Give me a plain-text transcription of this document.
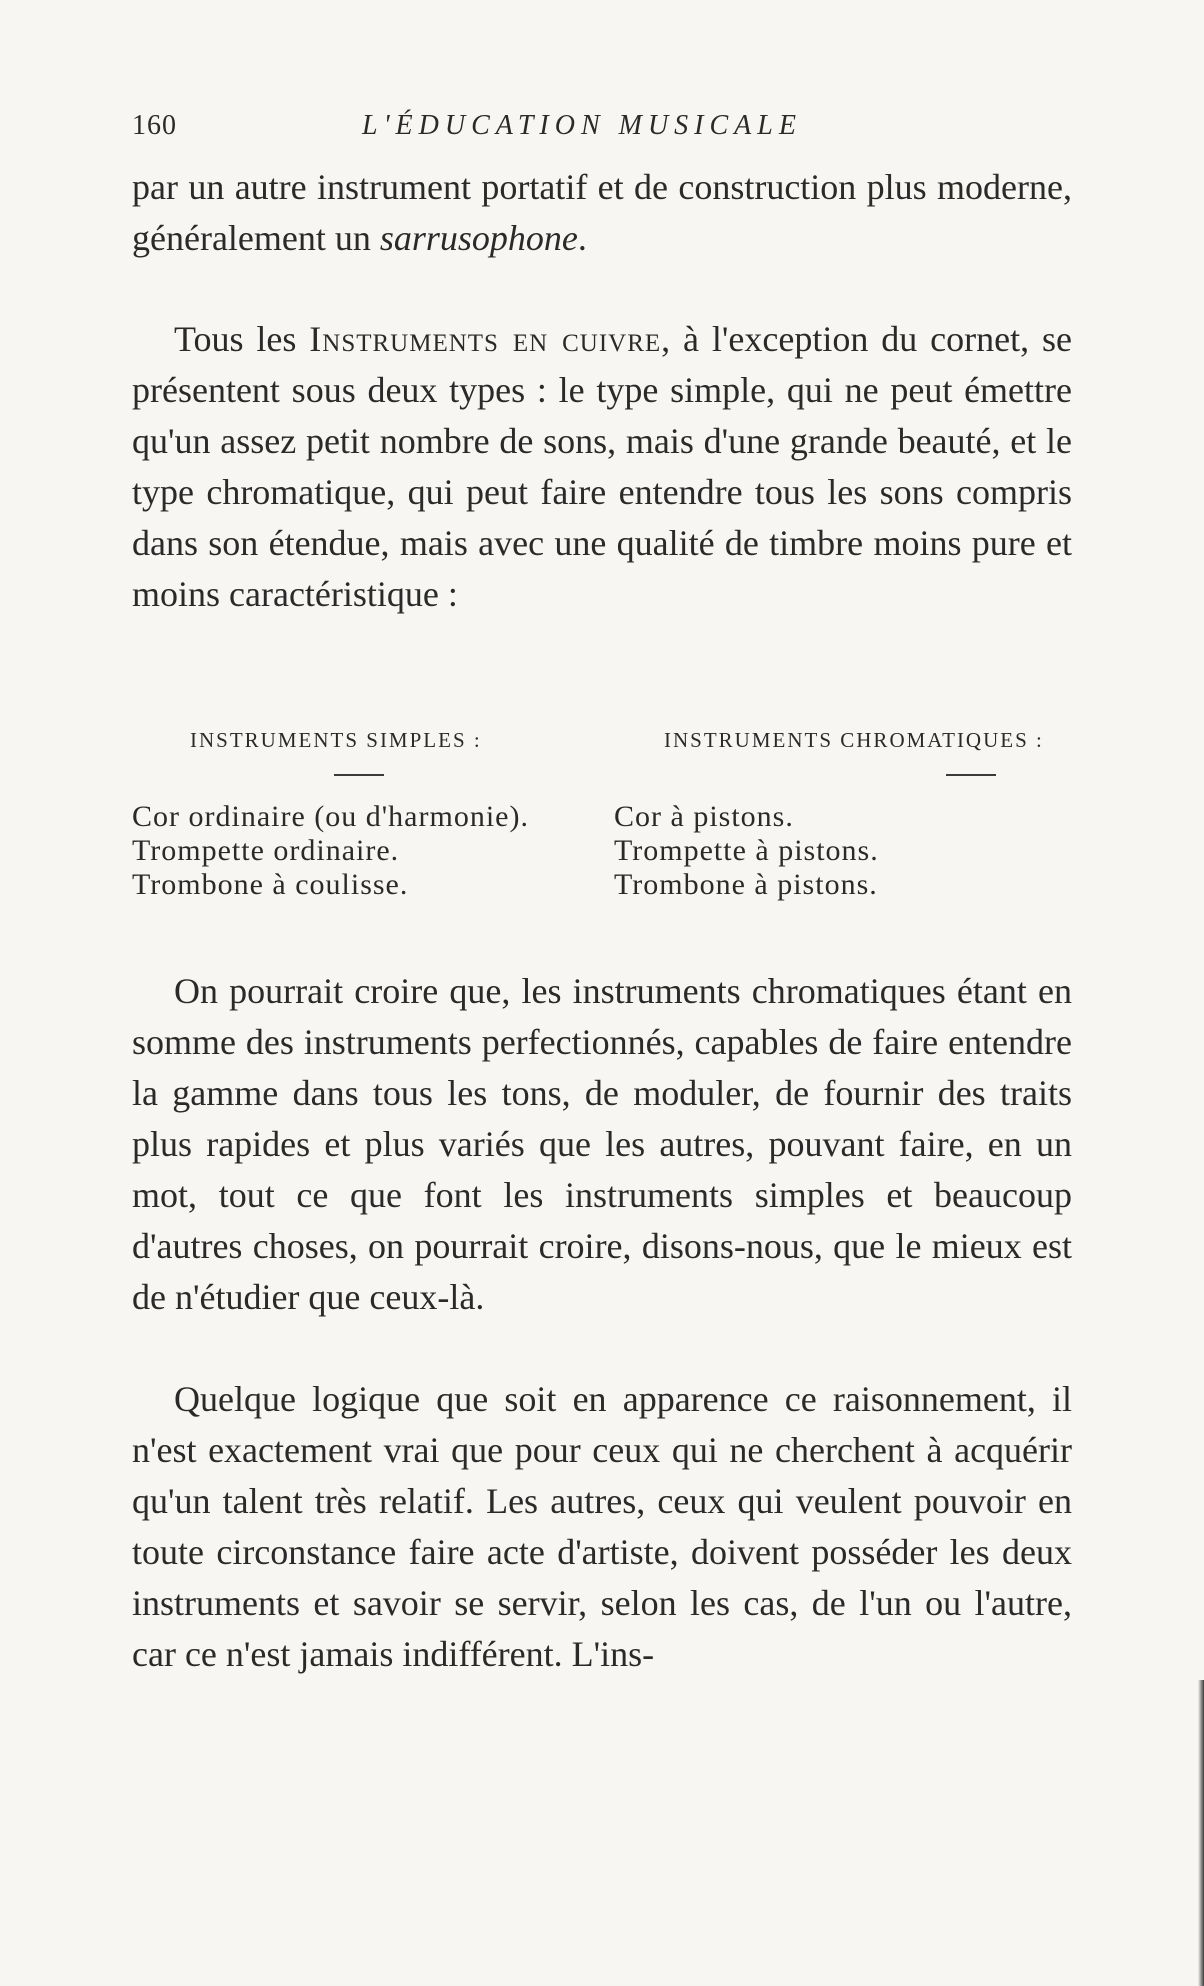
160	L'ÉDUCATION MUSICALE

par un autre instrument portatif et de construction plus moderne, généralement un sarrusophone.

Tous les Instruments en cuivre, à l'exception du cornet, se présentent sous deux types : le type simple, qui ne peut émettre qu'un assez petit nombre de sons, mais d'une grande beauté, et le type chromatique, qui peut faire entendre tous les sons compris dans son étendue, mais avec une qualité de timbre moins pure et moins caractéristique :

INSTRUMENTS SIMPLES :
Cor ordinaire (ou d'harmonie).
Trompette ordinaire.
Trombone à coulisse.
INSTRUMENTS CHROMATIQUES :
Cor à pistons.
Trompette à pistons.
Trombone à pistons.

On pourrait croire que, les instruments chromatiques étant en somme des instruments perfectionnés, capables de faire entendre la gamme dans tous les tons, de moduler, de fournir des traits plus rapides et plus variés que les autres, pouvant faire, en un mot, tout ce que font les instruments simples et beaucoup d'autres choses, on pourrait croire, disons-nous, que le mieux est de n'étudier que ceux-là.

Quelque logique que soit en apparence ce raisonnement, il n'est exactement vrai que pour ceux qui ne cherchent à acquérir qu'un talent très relatif. Les autres, ceux qui veulent pouvoir en toute circonstance faire acte d'artiste, doivent posséder les deux instruments et savoir se servir, selon les cas, de l'un ou l'autre, car ce n'est jamais indifférent. L'ins-
